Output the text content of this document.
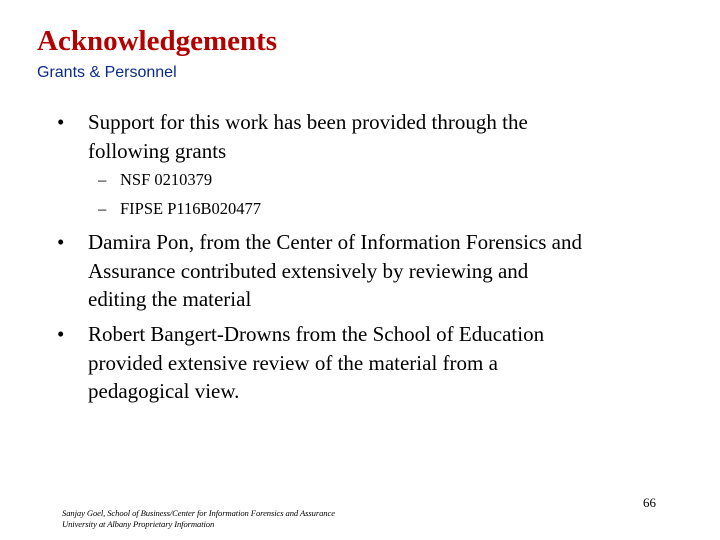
Acknowledgements
Grants & Personnel
• Support for this work has been provided through the
following grants
– NSF 0210379
– FIPSE P116B020477
• Damira Pon, from the Center of Information Forensics and
Assurance contributed extensively by reviewing and
editing the material
• Robert Bangert-Drowns from the School of Education
provided extensive review of the material from a
pedagogical view.
Sanjay Goel, School of Business/Center for Information Forensics and Assurance
University at Albany Proprietary Information
66
